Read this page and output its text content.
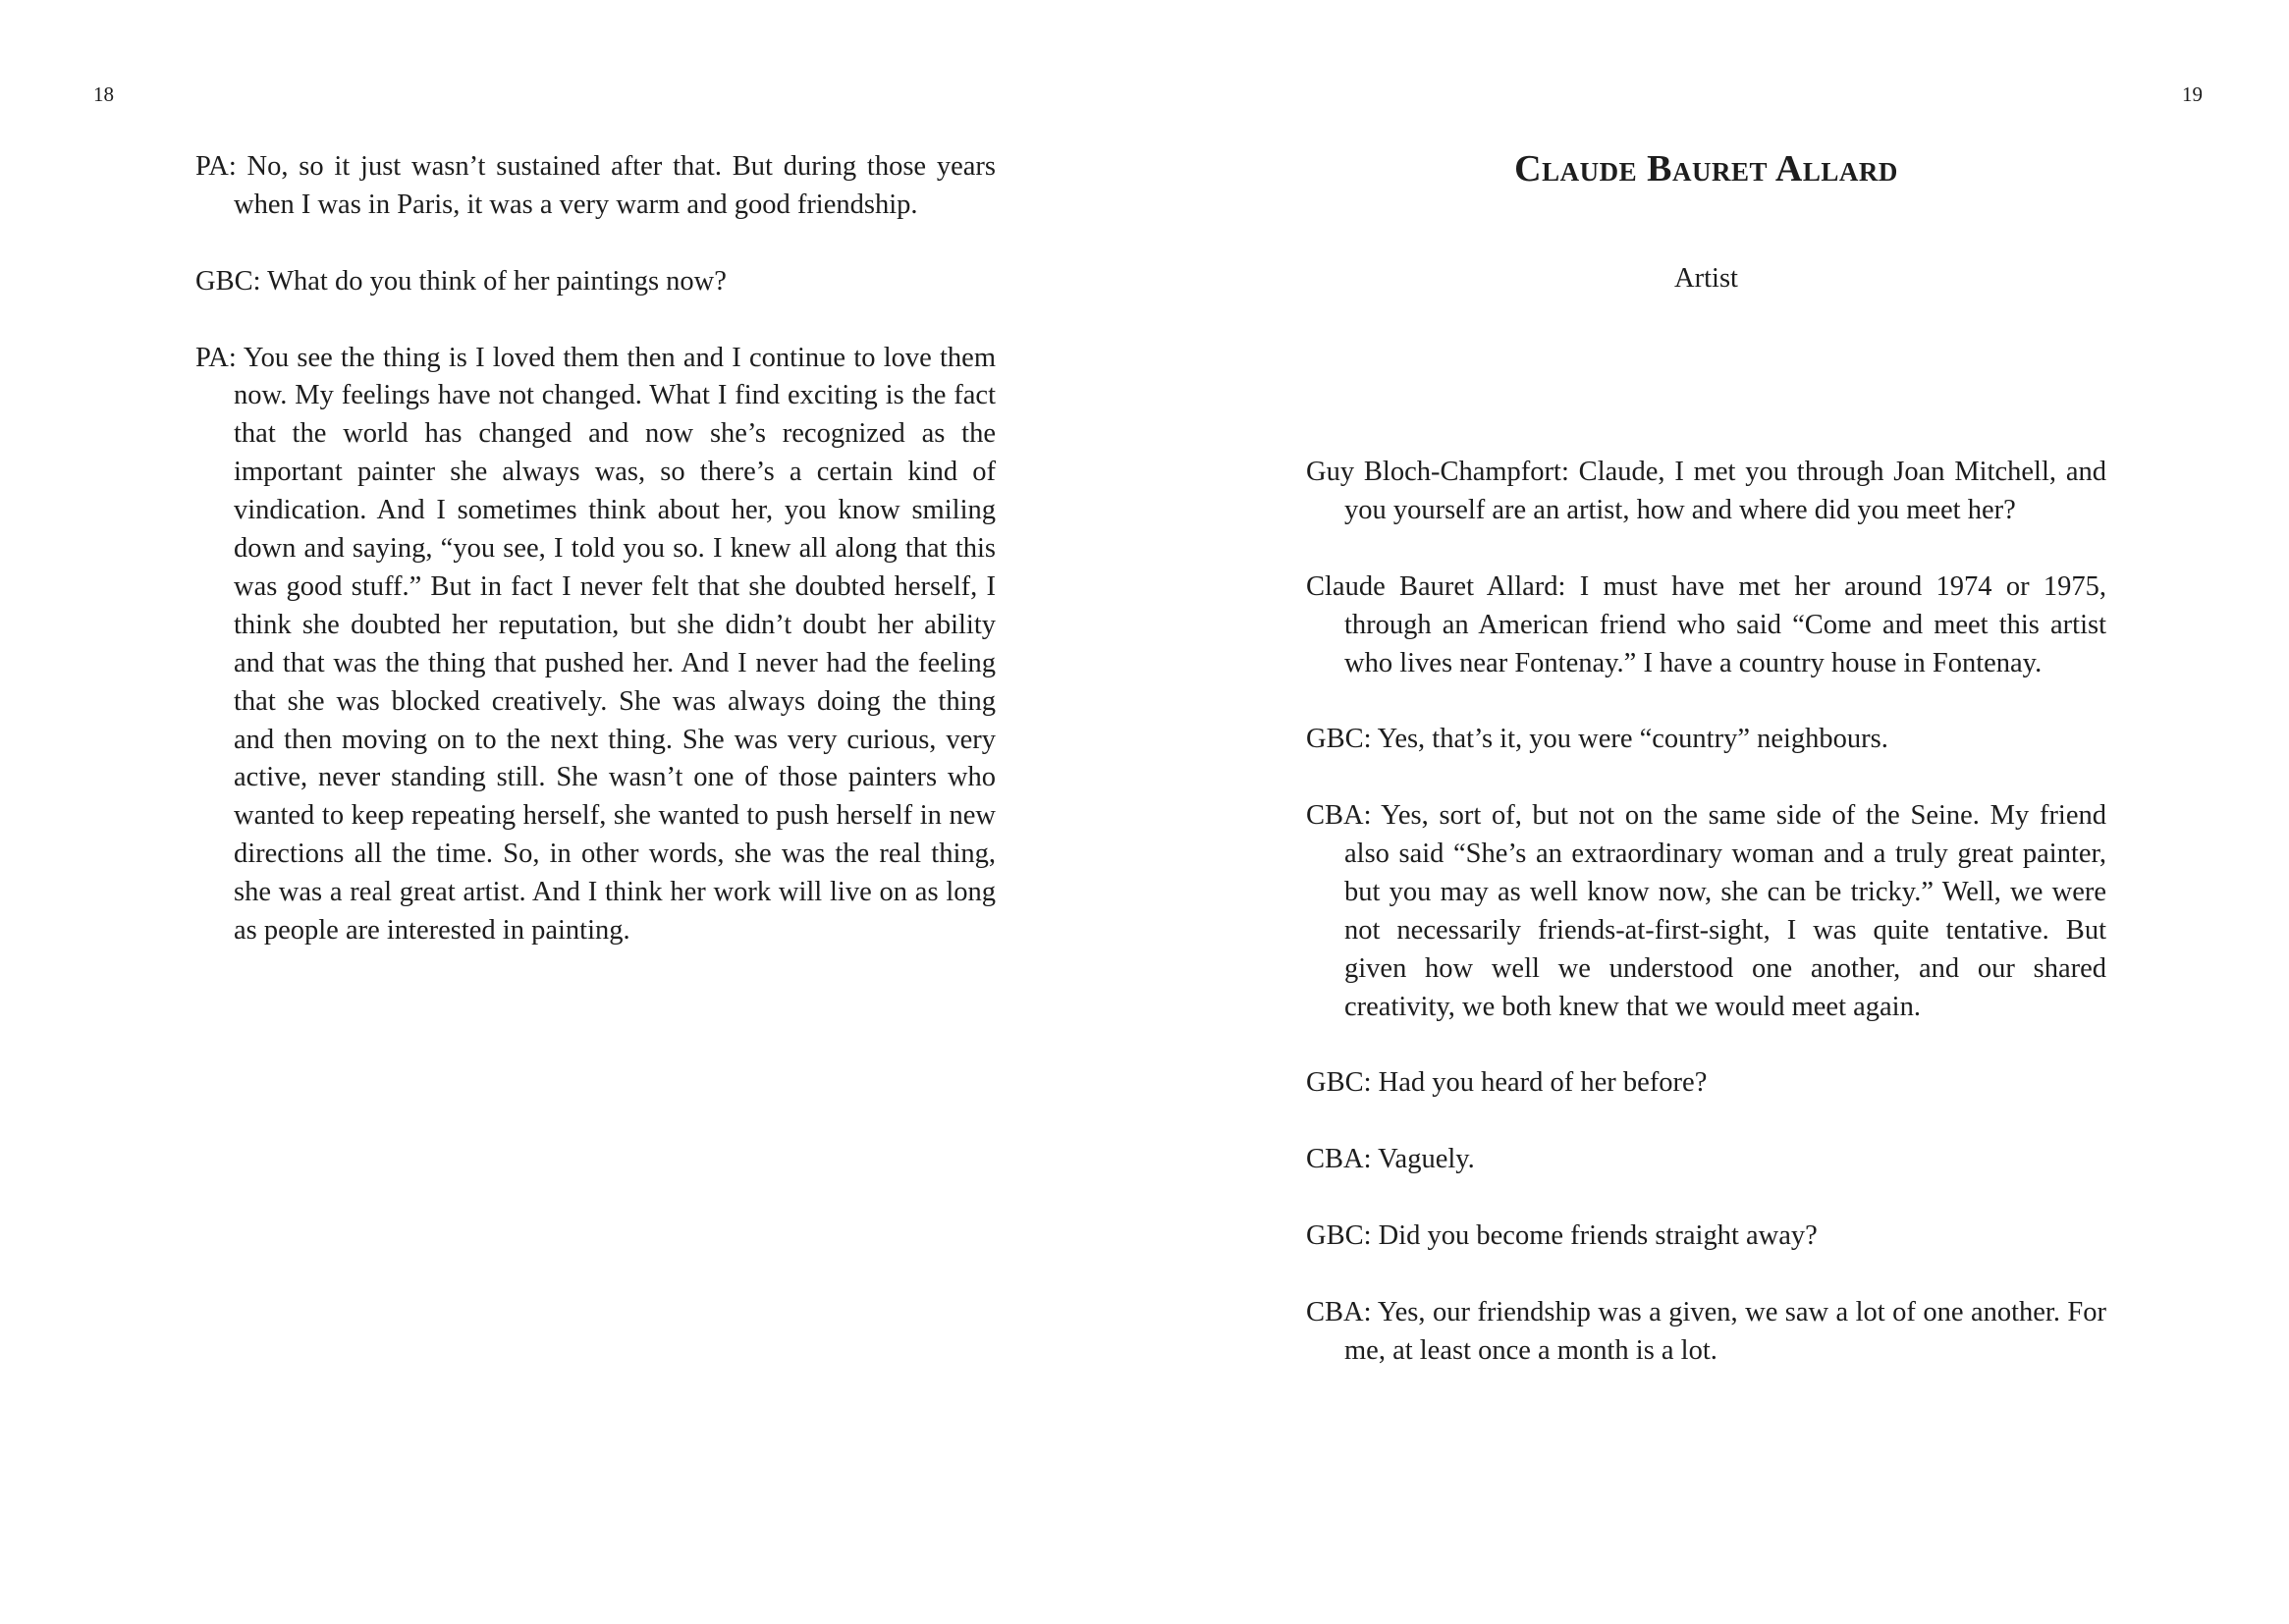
18	19

PA: No, so it just wasn’t sustained after that. But during those years when I was in Paris, it was a very warm and good friendship.

GBC: What do you think of her paintings now?

PA: You see the thing is I loved them then and I continue to love them now. My feelings have not changed. What I find exciting is the fact that the world has changed and now she’s recognized as the important painter she always was, so there’s a certain kind of vindication. And I sometimes think about her, you know smiling down and saying, “you see, I told you so. I knew all along that this was good stuff.” But in fact I never felt that she doubted herself, I think she doubted her reputation, but she didn’t doubt her ability and that was the thing that pushed her. And I never had the feeling that she was blocked creatively. She was always doing the thing and then moving on to the next thing. She was very curious, very active, never standing still. She wasn’t one of those painters who wanted to keep repeating herself, she wanted to push herself in new directions all the time. So, in other words, she was the real thing, she was a real great artist. And I think her work will live on as long as people are interested in painting.

Claude Bauret Allard
Artist

Guy Bloch-Champfort: Claude, I met you through Joan Mitchell, and you yourself are an artist, how and where did you meet her?

Claude Bauret Allard: I must have met her around 1974 or 1975, through an American friend who said “Come and meet this artist who lives near Fontenay.” I have a country house in Fontenay.

GBC: Yes, that’s it, you were “country” neighbours.

CBA: Yes, sort of, but not on the same side of the Seine. My friend also said “She’s an extraordinary woman and a truly great painter, but you may as well know now, she can be tricky.” Well, we were not necessarily friends-at-first-sight, I was quite tentative. But given how well we understood one another, and our shared creativity, we both knew that we would meet again.

GBC: Had you heard of her before?

CBA: Vaguely.

GBC: Did you become friends straight away?

CBA: Yes, our friendship was a given, we saw a lot of one another. For me, at least once a month is a lot.
